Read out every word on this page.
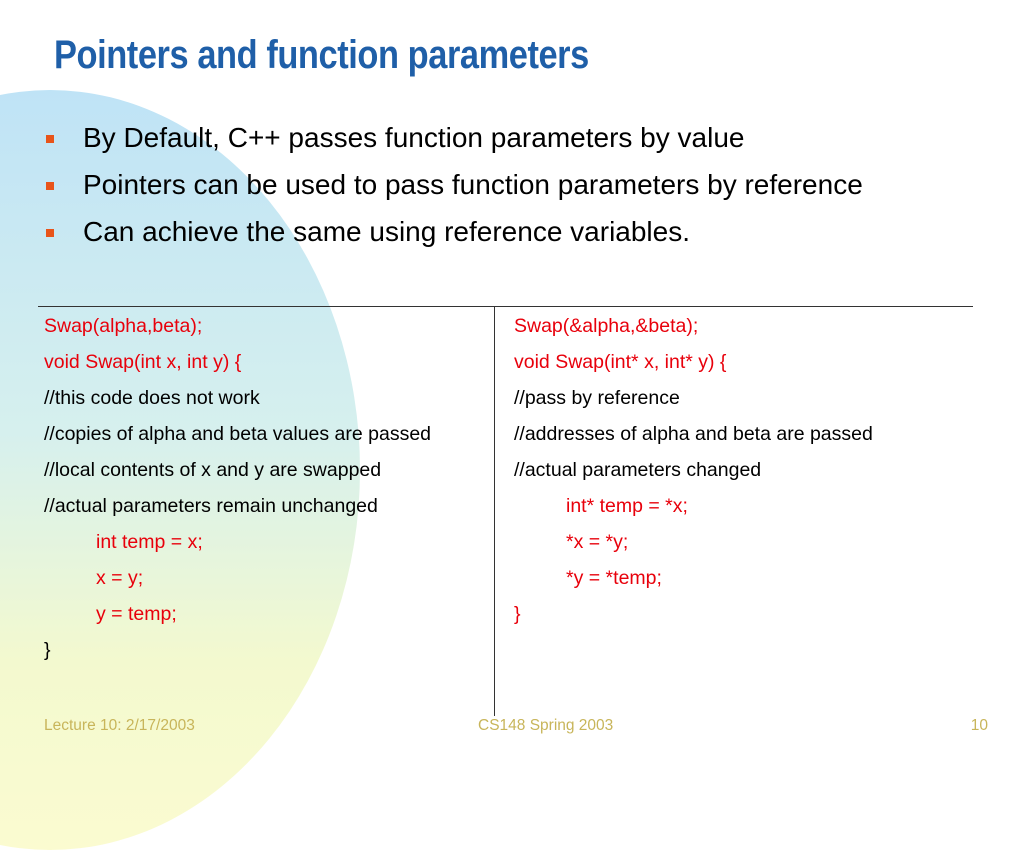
Pointers and function parameters
By Default, C++ passes function parameters by value
Pointers can be used to pass function parameters by reference
Can achieve the same using reference variables.
Swap(alpha,beta);
void Swap(int x, int y) {
//this code does not work
//copies of alpha and beta values are passed
//local contents of x and y are swapped
//actual parameters remain unchanged
int temp = x;
x = y;
y = temp;
}
Swap(&alpha,&beta);
void Swap(int* x, int* y) {
//pass by reference
//addresses of alpha and beta are passed
//actual parameters changed
int* temp = *x;
*x = *y;
*y = *temp;
}
Lecture 10: 2/17/2003	CS148 Spring 2003	10
